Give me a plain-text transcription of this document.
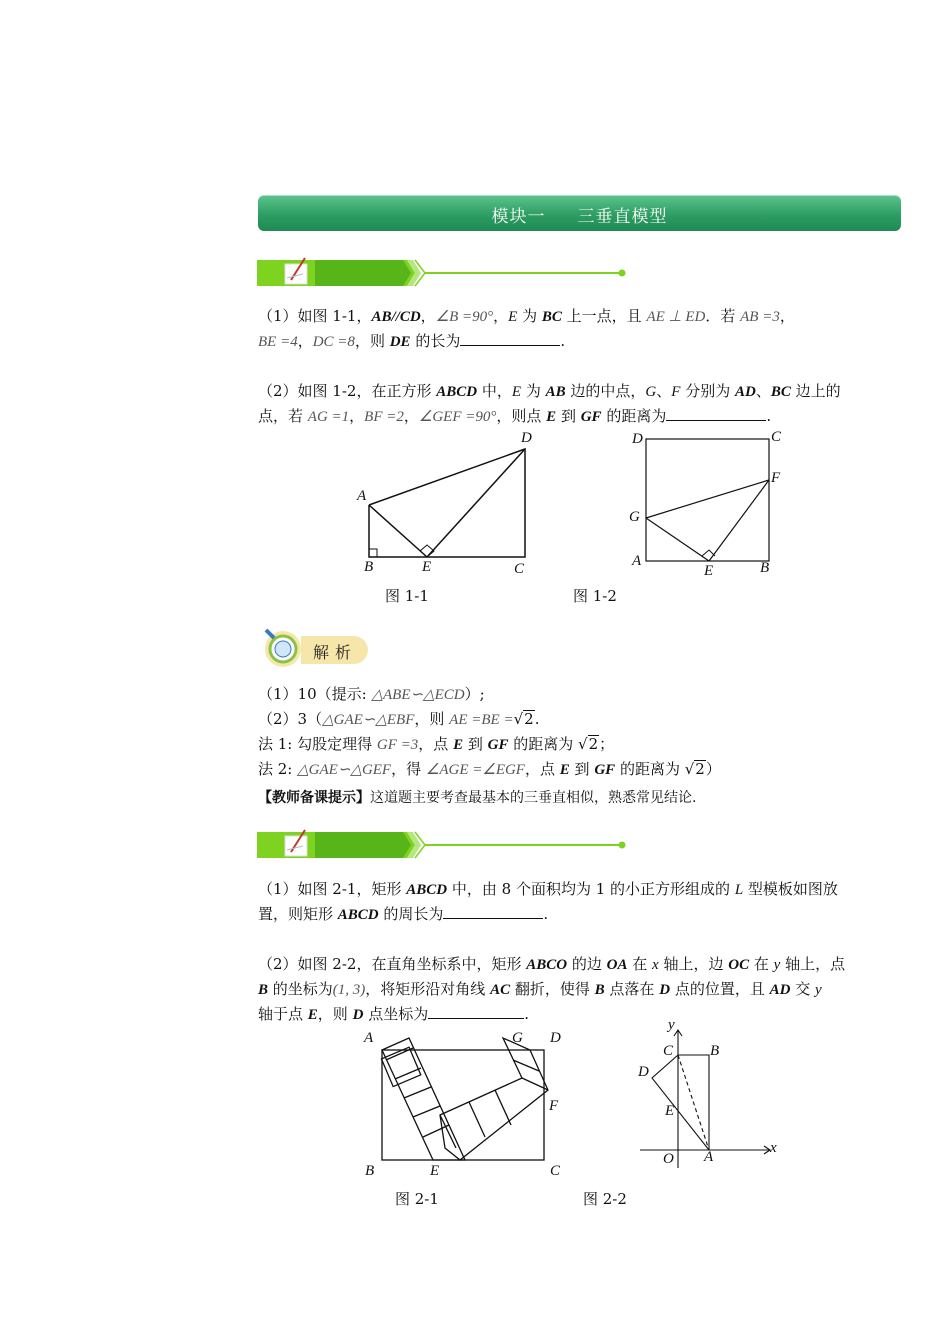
模块一     三垂直模型
（1）如图 1-1，AB//CD，∠B =90°，E 为 BC 上一点，且 AE ⊥ ED．若 AB =3，
BE =4，DC =8，则 DE 的长为	.
（2）如图 1-2，在正方形 ABCD 中，E 为 AB 边的中点，G、F 分别为 AD、BC 边上的
点，若 AG =1，BF =2，∠GEF =90°，则点 E 到 GF 的距离为	.
A
B	C
D
E
图 1-1
D	C
F
G
A
E	B
图 1-2
解析
（1）10（提示: △ABE∽△ECD）;
（2）3（△GAE∽△EBF，则 AE =BE =√2.
法 1: 勾股定理得 GF =3，点 E 到 GF 的距离为 √2；
法 2: △GAE∽△GEF，得 ∠AGE =∠EGF，点 E 到 GF 的距离为 √2）
【教师备课提示】这道题主要考查最基本的三垂直相似，熟悉常见结论.
（1）如图 2-1，矩形 ABCD 中，由 8 个面积均为 1 的小正方形组成的 L 型模板如图放
置，则矩形 ABCD 的周长为	.
（2）如图 2-2，在直角坐标系中，矩形 ABCO 的边 OA 在 x 轴上，边 OC 在 y 轴上，点
B 的坐标为(1, 3)，将矩形沿对角线 AC 翻折，使得 B 点落在 D 点的位置，且 AD 交 y
轴于点 E，则 D 点坐标为	.
A	G D
F
B	E	C
图 2-1
y
C B
D
E
O A
x
图 2-2
